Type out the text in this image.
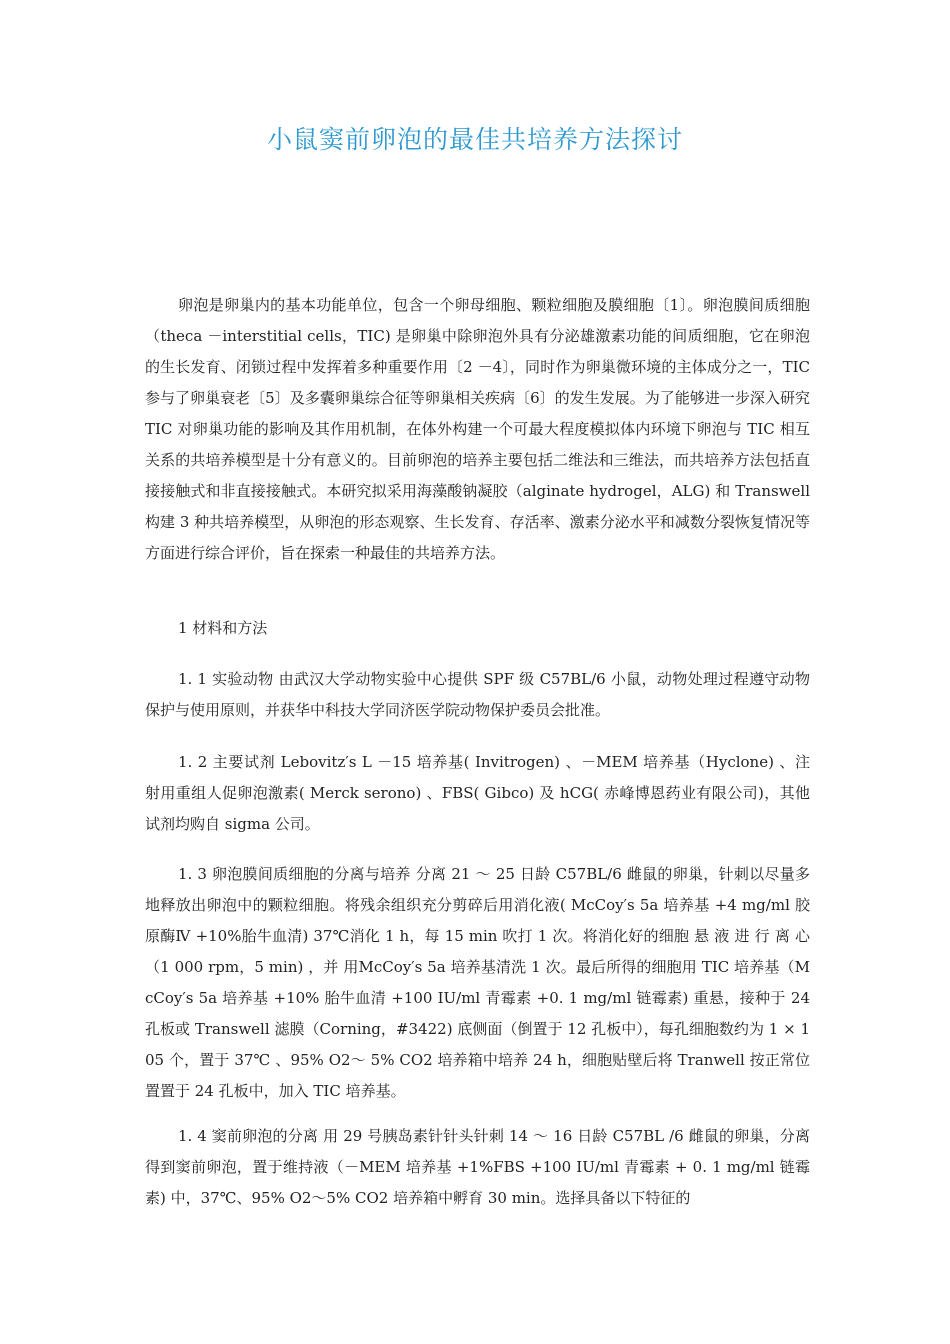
小鼠窦前卵泡的最佳共培养方法探讨

卵泡是卵巢内的基本功能单位，包含一个卵母细胞、颗粒细胞及膜细胞〔1〕。卵泡膜间质细胞（theca －interstitial cells，TIC) 是卵巢中除卵泡外具有分泌雄激素功能的间质细胞，它在卵泡的生长发育、闭锁过程中发挥着多种重要作用〔2 －4〕，同时作为卵巢微环境的主体成分之一，TIC 参与了卵巢衰老〔5〕及多囊卵巢综合征等卵巢相关疾病〔6〕的发生发展。为了能够进一步深入研究 TIC 对卵巢功能的影响及其作用机制，在体外构建一个可最大程度模拟体内环境下卵泡与 TIC 相互关系的共培养模型是十分有意义的。目前卵泡的培养主要包括二维法和三维法，而共培养方法包括直接接触式和非直接接触式。本研究拟采用海藻酸钠凝胶（alginate hydrogel，ALG) 和 Transwell 构建 3 种共培养模型，从卵泡的形态观察、生长发育、存活率、激素分泌水平和减数分裂恢复情况等方面进行综合评价，旨在探索一种最佳的共培养方法。

1 材料和方法

1. 1 实验动物 由武汉大学动物实验中心提供 SPF 级 C57BL/6 小鼠，动物处理过程遵守动物保护与使用原则，并获华中科技大学同济医学院动物保护委员会批准。

1. 2 主要试剂 Lebovitz′s L －15 培养基( Invitrogen) 、－MEM 培养基（Hyclone) 、注射用重组人促卵泡激素( Merck serono) 、FBS( Gibco) 及 hCG( 赤峰博恩药业有限公司)，其他试剂均购自 sigma 公司。

1. 3 卵泡膜间质细胞的分离与培养 分离 21 ～ 25 日龄 C57BL/6 雌鼠的卵巢，针刺以尽量多地释放出卵泡中的颗粒细胞。将残余组织充分剪碎后用消化液( McCoy′s 5a 培养基 +4 mg/ml 胶原酶Ⅳ +10%胎牛血清) 37℃消化 1 h，每 15 min 吹打 1 次。将消化好的细胞 悬 液 进 行 离 心（1 000 rpm，5 min) ，并 用McCoy′s 5a 培养基清洗 1 次。最后所得的细胞用 TIC 培养基（McCoy′s 5a 培养基 +10% 胎牛血清 +100 IU/ml 青霉素 +0. 1 mg/ml 链霉素) 重悬，接种于 24 孔板或 Transwell 滤膜（Corning，#3422) 底侧面（倒置于 12 孔板中），每孔细胞数约为 1 × 105 个，置于 37℃ 、95% O2～ 5% CO2 培养箱中培养 24 h，细胞贴壁后将 Tranwell 按正常位置置于 24 孔板中，加入 TIC 培养基。

1. 4 窦前卵泡的分离 用 29 号胰岛素针针头针刺 14 ～ 16 日龄 C57BL /6 雌鼠的卵巢，分离得到窦前卵泡，置于维持液（－MEM 培养基 +1%FBS +100 IU/ml 青霉素 + 0. 1 mg/ml 链霉素) 中，37℃、95% O2～5% CO2 培养箱中孵育 30 min。选择具备以下特征的
